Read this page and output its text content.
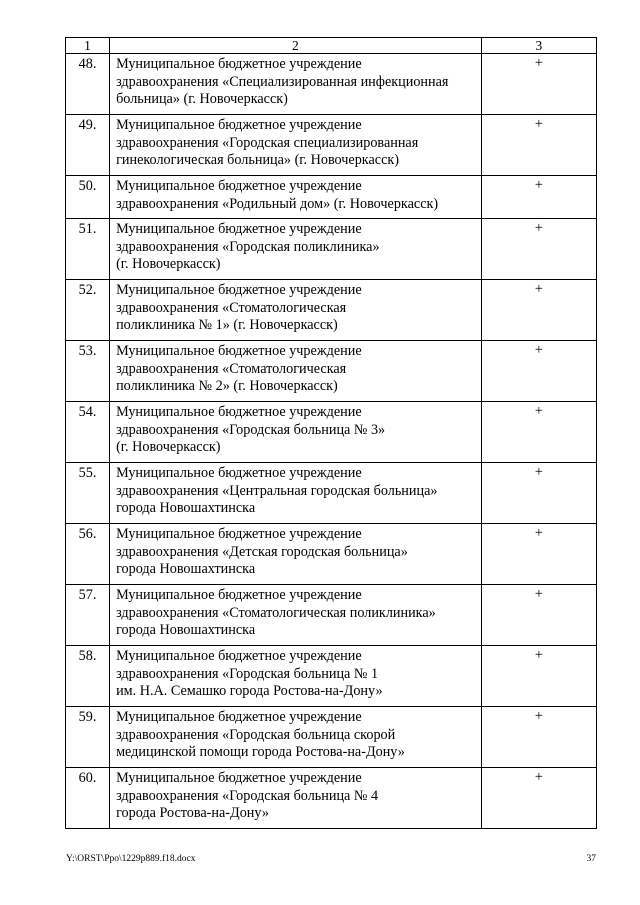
1	2	3
48.	Муниципальное бюджетное учреждение
здравоохранения «Специализированная инфекционная
больница» (г. Новочеркасск)	+
49.	Муниципальное бюджетное учреждение
здравоохранения «Городская специализированная
гинекологическая больница» (г. Новочеркасск)	+
50.	Муниципальное бюджетное учреждение
здравоохранения «Родильный дом» (г. Новочеркасск)	+
51.	Муниципальное бюджетное учреждение
здравоохранения «Городская поликлиника»
(г. Новочеркасск)	+
52.	Муниципальное бюджетное учреждение
здравоохранения «Стоматологическая
поликлиника № 1» (г. Новочеркасск)	+
53.	Муниципальное бюджетное учреждение
здравоохранения «Стоматологическая
поликлиника № 2» (г. Новочеркасск)	+
54.	Муниципальное бюджетное учреждение
здравоохранения «Городская больница № 3»
(г. Новочеркасск)	+
55.	Муниципальное бюджетное учреждение
здравоохранения «Центральная городская больница»
города Новошахтинска	+
56.	Муниципальное бюджетное учреждение
здравоохранения «Детская городская больница»
города Новошахтинска	+
57.	Муниципальное бюджетное учреждение
здравоохранения «Стоматологическая поликлиника»
города Новошахтинска	+
58.	Муниципальное бюджетное учреждение
здравоохранения «Городская больница № 1
им. Н.А. Семашко города Ростова-на-Дону»	+
59.	Муниципальное бюджетное учреждение
здравоохранения «Городская больница скорой
медицинской помощи города Ростова-на-Дону»	+
60.	Муниципальное бюджетное учреждение
здравоохранения «Городская больница № 4
города Ростова-на-Дону»	+
Y:\ORST\Ppo\1229p889.f18.docx	37
